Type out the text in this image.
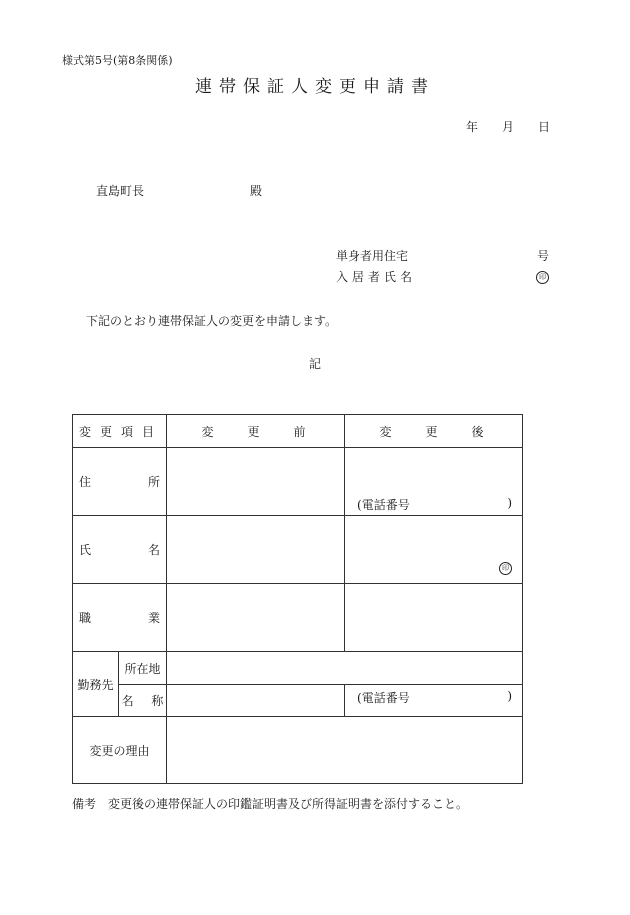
様式第5号(第8条関係)
連帯保証人変更申請書
年 月 日
直島町長	殿
単身者用住宅	号
入居者氏名	印
下記のとおり連帯保証人の変更を申請します。
記
変更項目		変更前	変更後

住 所			(電話番号 )

氏 名			印

職 業			

勤務先	所在地		

	名 称		(電話番号 )

変更の理由			

備考 変更後の連帯保証人の印鑑証明書及び所得証明書を添付すること。
